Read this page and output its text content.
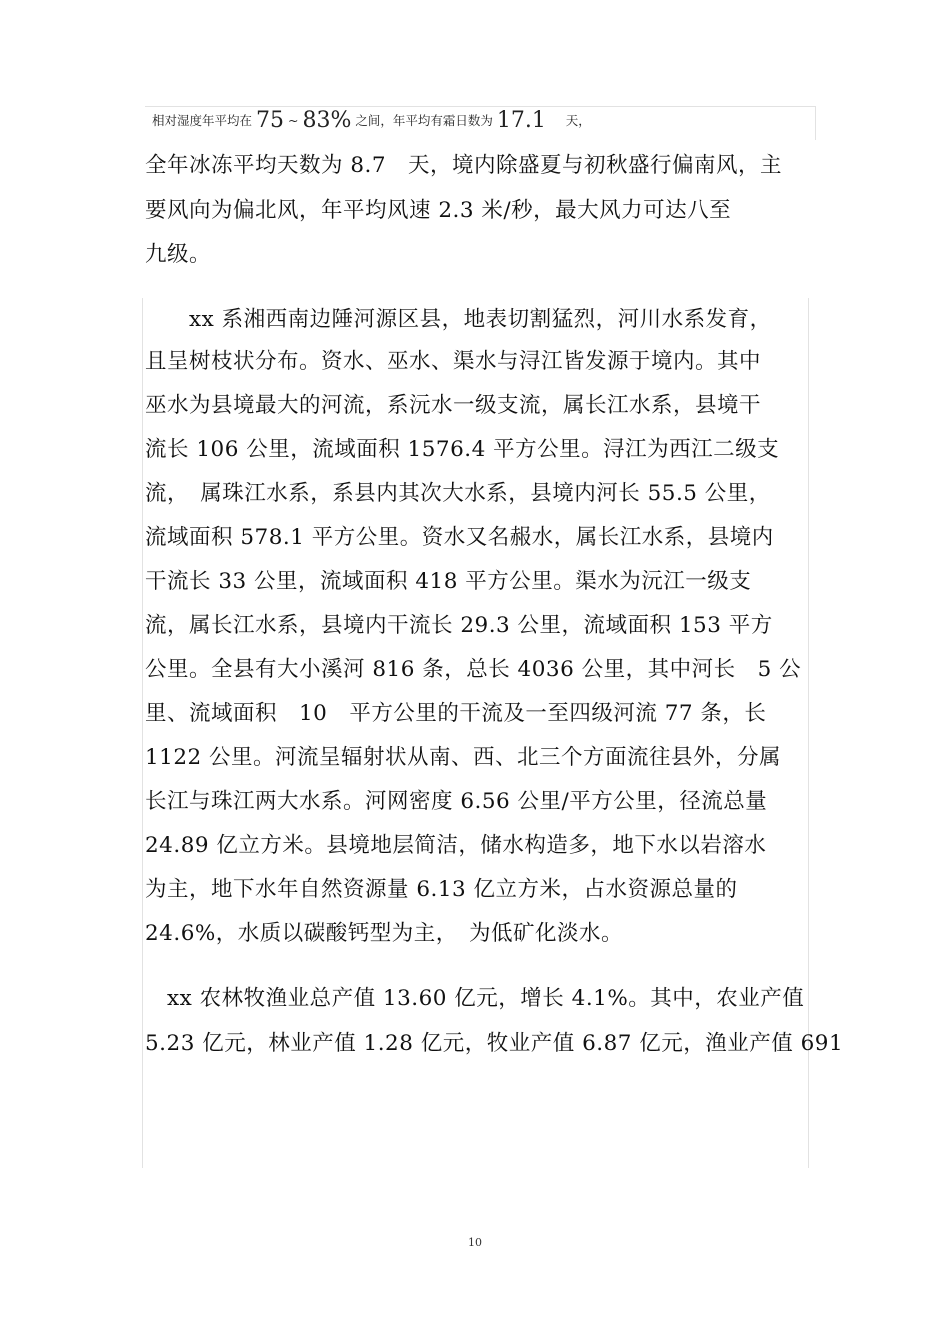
相对湿度年平均在 75 ~ 83% 之间，年平均有霜日数为 17.1 天，
全年冰冻平均天数为 8.7　天，境内除盛夏与初秋盛行偏南风，主
要风向为偏北风，年平均风速 2.3 米/秒，最大风力可达八至
九级。
　　xx 系湘西南边陲河源区县，地表切割猛烈，河川水系发育，
且呈树枝状分布。资水、巫水、渠水与浔江皆发源于境内。其中
巫水为县境最大的河流，系沅水一级支流，属长江水系，县境干
流长 106 公里，流域面积 1576.4 平方公里。浔江为西江二级支
流，　属珠江水系，系县内其次大水系，县境内河长 55.5 公里，
流域面积 578.1 平方公里。资水又名赧水，属长江水系，县境内
干流长 33 公里，流域面积 418 平方公里。渠水为沅江一级支
流，属长江水系，县境内干流长 29.3 公里，流域面积 153 平方
公里。全县有大小溪河 816 条，总长 4036 公里，其中河长　5 公
里、流域面积　10　平方公里的干流及一至四级河流 77 条，长
1122 公里。河流呈辐射状从南、西、北三个方面流往县外，分属
长江与珠江两大水系。河网密度 6.56 公里/平方公里，径流总量
24.89 亿立方米。县境地层简洁，储水构造多，地下水以岩溶水
为主，地下水年自然资源量 6.13 亿立方米，占水资源总量的
24.6%，水质以碳酸钙型为主，　为低矿化淡水。
　xx 农林牧渔业总产值 13.60 亿元，增长 4.1%。其中，农业产值
5.23 亿元，林业产值 1.28 亿元，牧业产值 6.87 亿元，渔业产值 691
10
